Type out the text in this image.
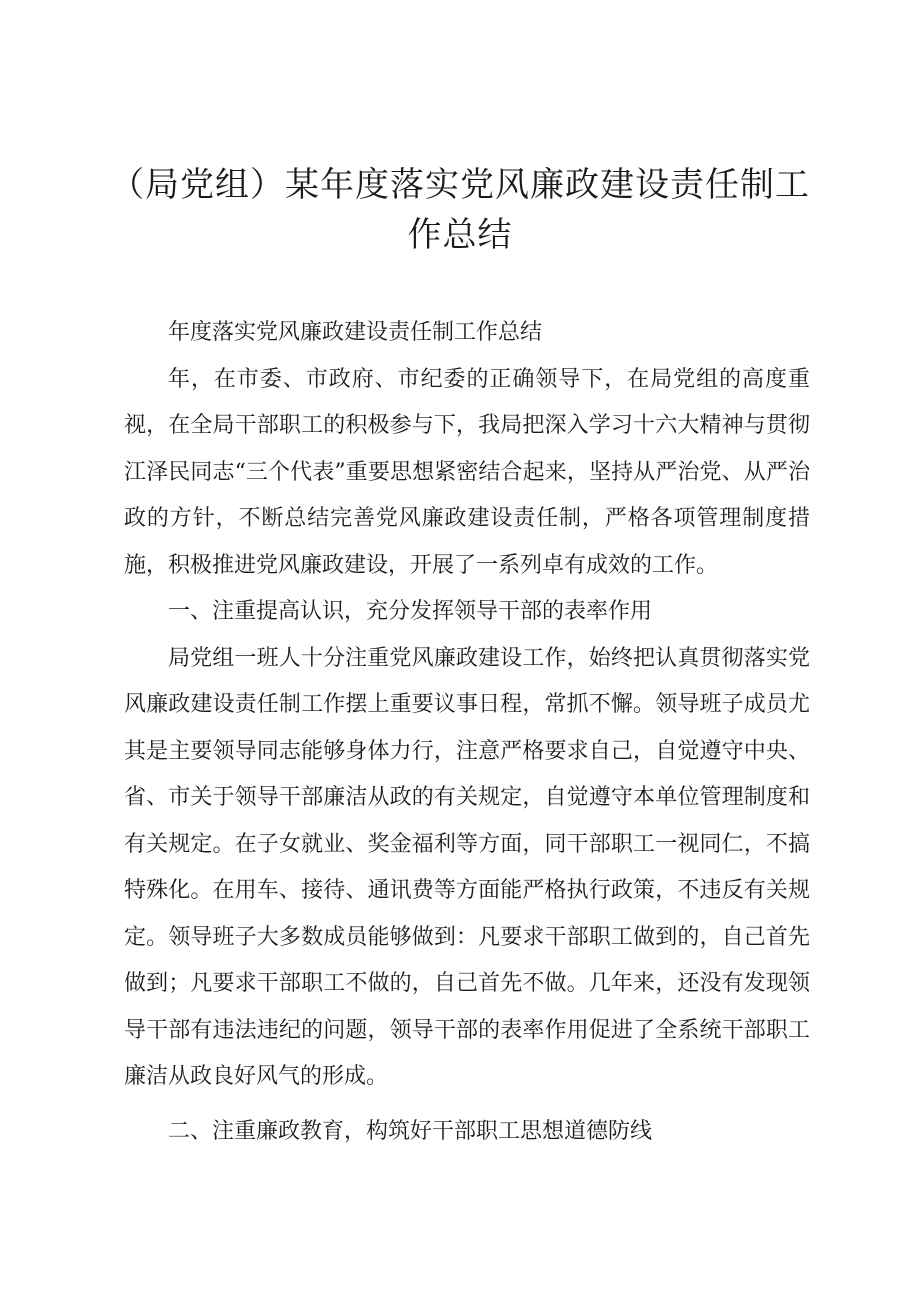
（局党组）某年度落实党风廉政建设责任制工
作总结

年度落实党风廉政建设责任制工作总结

年，在市委、市政府、市纪委的正确领导下，在局党组的高度重视，在全局干部职工的积极参与下，我局把深入学习十六大精神与贯彻江泽民同志“三个代表”重要思想紧密结合起来，坚持从严治党、从严治政的方针，不断总结完善党风廉政建设责任制，严格各项管理制度措施，积极推进党风廉政建设，开展了一系列卓有成效的工作。

一、注重提高认识，充分发挥领导干部的表率作用

局党组一班人十分注重党风廉政建设工作，始终把认真贯彻落实党风廉政建设责任制工作摆上重要议事日程，常抓不懈。领导班子成员尤其是主要领导同志能够身体力行，注意严格要求自己，自觉遵守中央、省、市关于领导干部廉洁从政的有关规定，自觉遵守本单位管理制度和有关规定。在子女就业、奖金福利等方面，同干部职工一视同仁，不搞特殊化。在用车、接待、通讯费等方面能严格执行政策，不违反有关规定。领导班子大多数成员能够做到：凡要求干部职工做到的，自己首先做到；凡要求干部职工不做的，自己首先不做。几年来，还没有发现领导干部有违法违纪的问题，领导干部的表率作用促进了全系统干部职工廉洁从政良好风气的形成。

二、注重廉政教育，构筑好干部职工思想道德防线
